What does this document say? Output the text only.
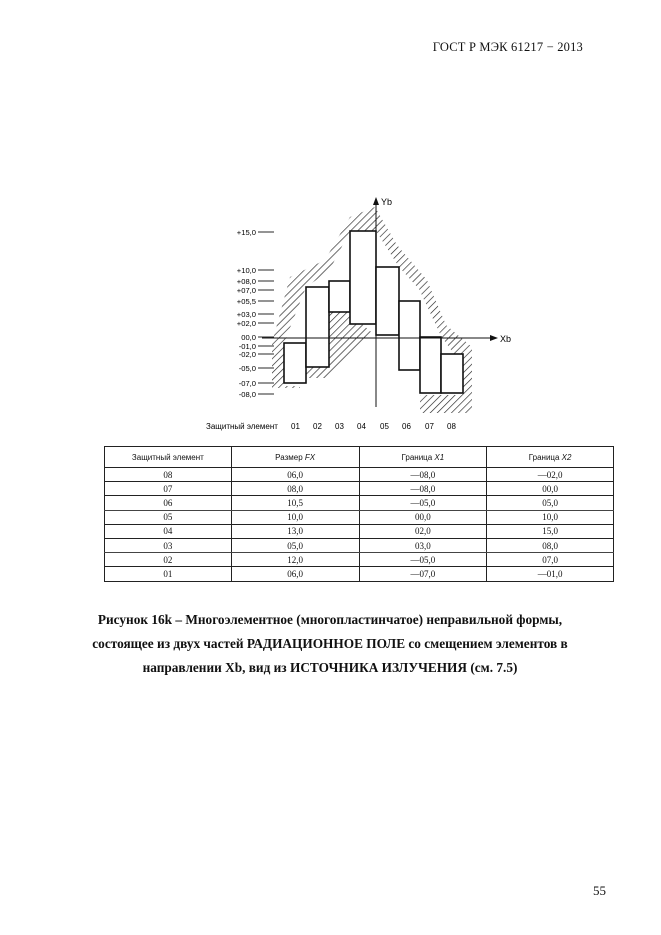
ГОСТ Р МЭК 61217 − 2013
Yb
Xb
+15,0
+10,0
+08,0
+07,0
+05,5
+03,0
+02,0
00,0
-01,0
-02,0
-05,0
-07,0
-08,0
Защитный элемент 01 02 03 04 05 06 07 08
Защитный элемент	Размер FX	Граница X1	Граница X2
08	06,0	—08,0	—02,0
07	08,0	—08,0	00,0
06	10,5	—05,0	05,0
05	10,0	00,0	10,0
04	13,0	02,0	15,0
03	05,0	03,0	08,0
02	12,0	—05,0	07,0
01	06,0	—07,0	—01,0
Рисунок 16k – Многоэлементное (многопластинчатое) неправильной формы,
состоящее из двух частей РАДИАЦИОННОЕ ПОЛЕ со смещением элементов в
направлении Xb, вид из ИСТОЧНИКА ИЗЛУЧЕНИЯ (см. 7.5)
55
